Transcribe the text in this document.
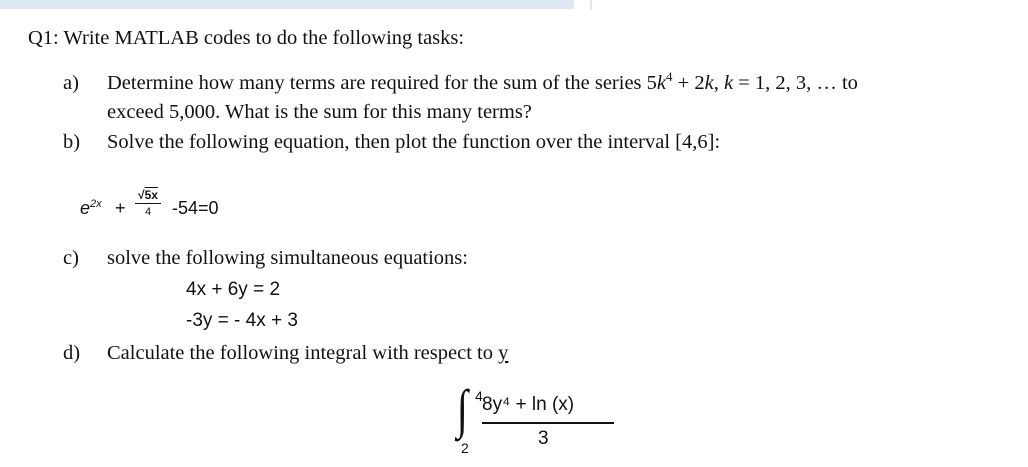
Q1: Write MATLAB codes to do the following tasks:
a) Determine how many terms are required for the sum of the series $5k^4 + 2k$, k = 1, 2, 3, … to
exceed 5,000. What is the sum for this many terms?
b) Solve the following equation, then plot the function over the interval [4,6]:
$e^{2x}$ +
√5x
4	-54=0
c) solve the following simultaneous equations:
4x + 6y = 2
-3y = - 4x + 3
d) Calculate the following integral with respect to y
∫ 4
2
8y⁴ + ln (x)
3
